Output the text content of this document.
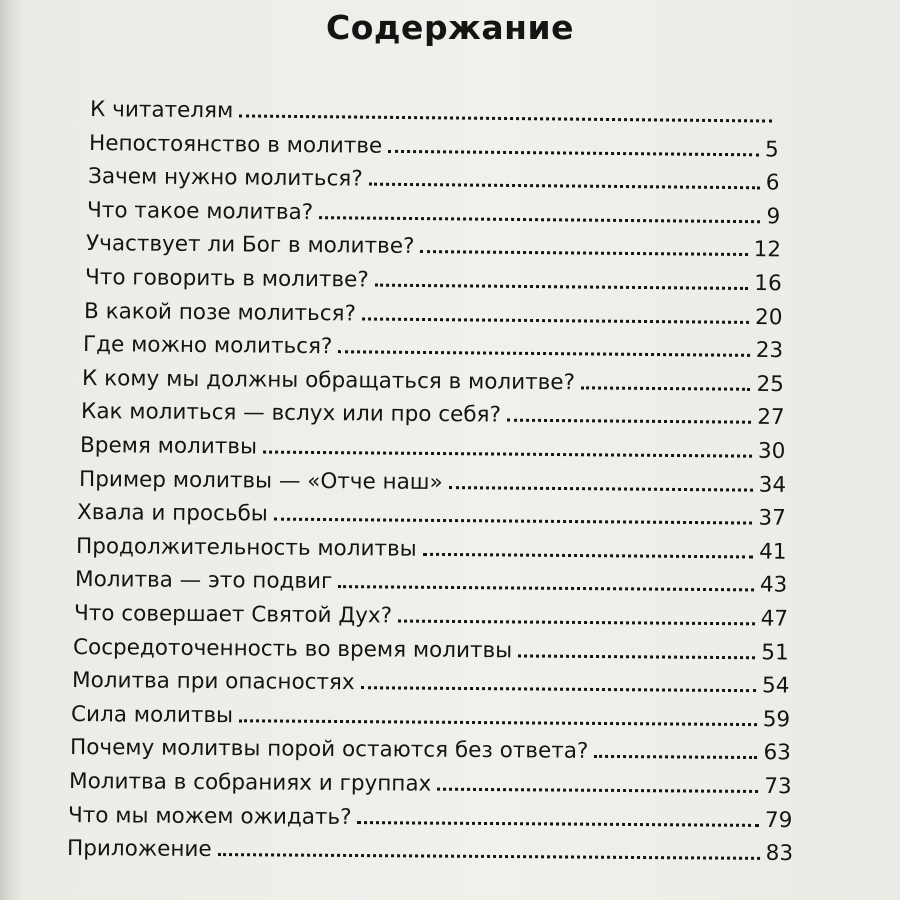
Содержание
К читателям
Непостоянство в молитве	5
Зачем нужно молиться?	6
Что такое молитва?	9
Участвует ли Бог в молитве?	12
Что говорить в молитве?	16
В какой позе молиться?	20
Где можно молиться?	23
К кому мы должны обращаться в молитве?	25
Как молиться — вслух или про себя?	27
Время молитвы	30
Пример молитвы — «Отче наш»	34
Хвала и просьбы	37
Продолжительность молитвы	41
Молитва — это подвиг	43
Что совершает Святой Дух?	47
Сосредоточенность во время молитвы	51
Молитва при опасностях	54
Сила молитвы	59
Почему молитвы порой остаются без ответа?	63
Молитва в собраниях и группах	73
Что мы можем ожидать?	79
Приложение	83
